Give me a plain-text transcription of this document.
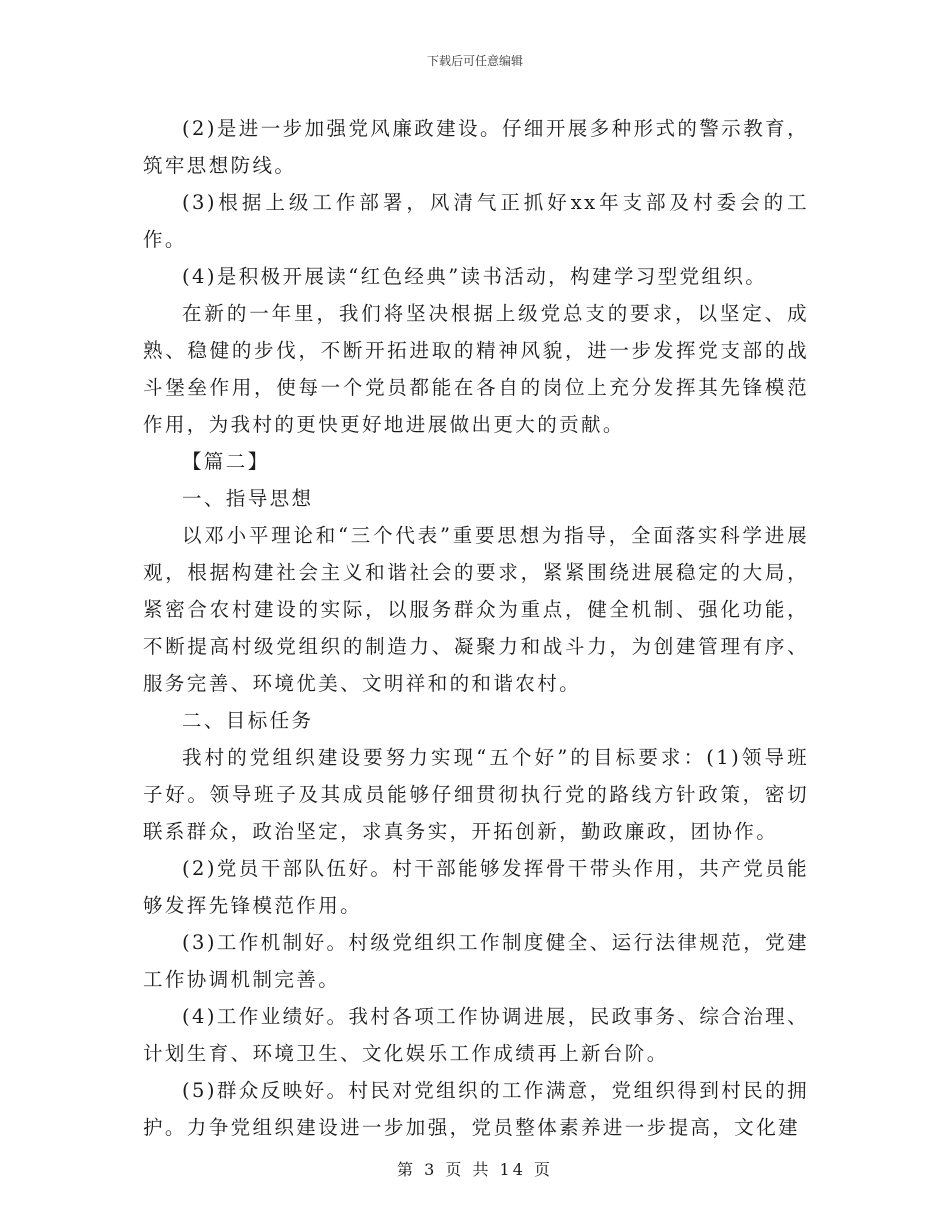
下载后可任意编辑

(2)是进一步加强党风廉政建设。仔细开展多种形式的警示教育，筑牢思想防线。

(3)根据上级工作部署，风清气正抓好xx年支部及村委会的工作。

(4)是积极开展读“红色经典”读书活动，构建学习型党组织。

在新的一年里，我们将坚决根据上级党总支的要求，以坚定、成熟、稳健的步伐，不断开拓进取的精神风貌，进一步发挥党支部的战斗堡垒作用，使每一个党员都能在各自的岗位上充分发挥其先锋模范作用，为我村的更快更好地进展做出更大的贡献。

【篇二】

一、指导思想

以邓小平理论和“三个代表”重要思想为指导，全面落实科学进展观，根据构建社会主义和谐社会的要求，紧紧围绕进展稳定的大局，紧密合农村建设的实际，以服务群众为重点，健全机制、强化功能，不断提高村级党组织的制造力、凝聚力和战斗力，为创建管理有序、服务完善、环境优美、文明祥和的和谐农村。

二、目标任务

我村的党组织建设要努力实现“五个好”的目标要求：(1)领导班子好。领导班子及其成员能够仔细贯彻执行党的路线方针政策，密切联系群众，政治坚定，求真务实，开拓创新，勤政廉政，团协作。

(2)党员干部队伍好。村干部能够发挥骨干带头作用，共产党员能够发挥先锋模范作用。

(3)工作机制好。村级党组织工作制度健全、运行法律规范，党建工作协调机制完善。

(4)工作业绩好。我村各项工作协调进展，民政事务、综合治理、计划生育、环境卫生、文化娱乐工作成绩再上新台阶。

(5)群众反映好。村民对党组织的工作满意，党组织得到村民的拥护。力争党组织建设进一步加强，党员整体素养进一步提高，文化建

第 3 页 共 14 页
